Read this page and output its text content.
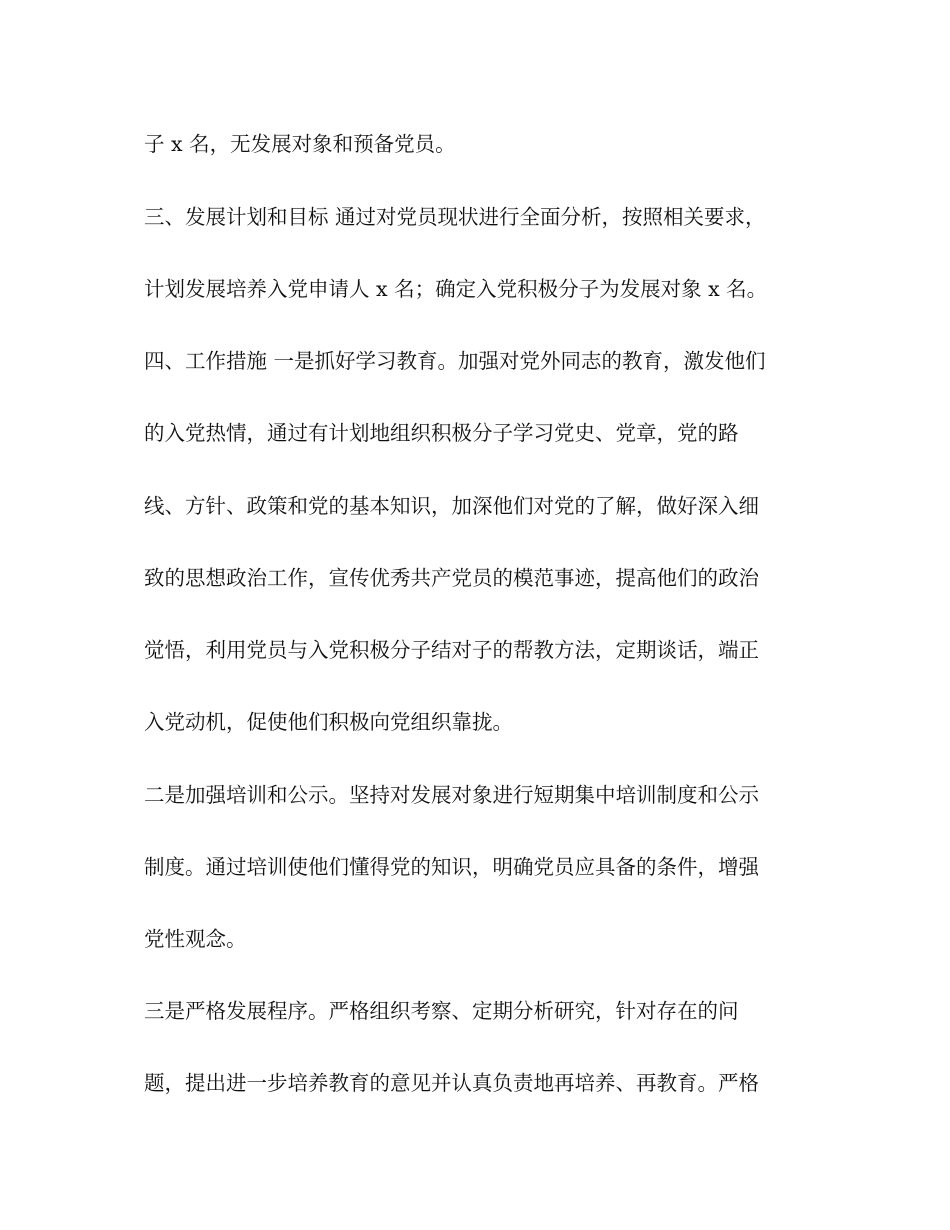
子 x 名，无发展对象和预备党员。
三、发展计划和目标 通过对党员现状进行全面分析，按照相关要求，
计划发展培养入党申请人 x 名；确定入党积极分子为发展对象 x 名。
四、工作措施 一是抓好学习教育。加强对党外同志的教育，激发他们
的入党热情，通过有计划地组织积极分子学习党史、党章，党的路
线、方针、政策和党的基本知识，加深他们对党的了解，做好深入细
致的思想政治工作，宣传优秀共产党员的模范事迹，提高他们的政治
觉悟，利用党员与入党积极分子结对子的帮教方法，定期谈话，端正
入党动机，促使他们积极向党组织靠拢。
二是加强培训和公示。坚持对发展对象进行短期集中培训制度和公示
制度。通过培训使他们懂得党的知识，明确党员应具备的条件，增强
党性观念。
三是严格发展程序。严格组织考察、定期分析研究，针对存在的问
题，提出进一步培养教育的意见并认真负责地再培养、再教育。严格
